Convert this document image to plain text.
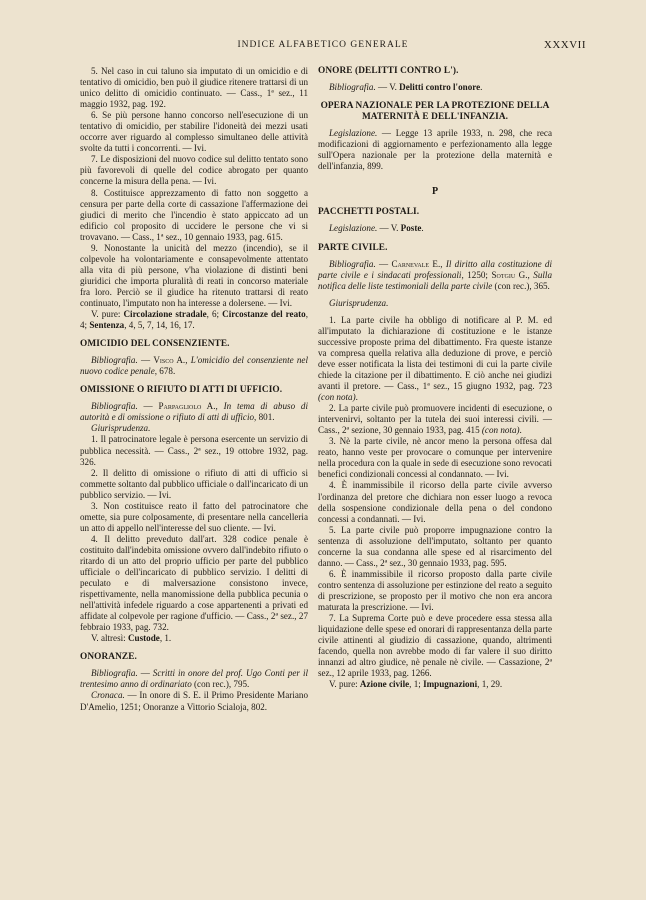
INDICE ALFABETICO GENERALE	XXXVII

5. Nel caso in cui taluno sia imputato di un omicidio e di tentativo di omicidio, ben può il giudice ritenere trattarsi di un unico delitto di omicidio continuato. — Cass., 1ª sez., 11 maggio 1932, pag. 192.

6. Se più persone hanno concorso nell'esecuzione di un tentativo di omicidio, per stabilire l'idoneità dei mezzi usati occorre aver riguardo al complesso simultaneo delle attività svolte da tutti i concorrenti. — Ivi.

7. Le disposizioni del nuovo codice sul delitto tentato sono più favorevoli di quelle del codice abrogato per quanto concerne la misura della pena. — Ivi.

8. Costituisce apprezzamento di fatto non soggetto a censura per parte della corte di cassazione l'affermazione dei giudici di merito che l'incendio è stato appiccato ad un edificio col proposito di uccidere le persone che vi si trovavano. — Cass., 1ª sez., 10 gennaio 1933, pag. 615.

9. Nonostante la unicità del mezzo (incendio), se il colpevole ha volontariamente e consapevolmente attentato alla vita di più persone, v'ha violazione di distinti beni giuridici che importa pluralità di reati in concorso materiale fra loro. Perciò se il giudice ha ritenuto trattarsi di reato continuato, l'imputato non ha interesse a dolersene. — Ivi.

V. pure: Circolazione stradale, 6; Circostanze del reato, 4; Sentenza, 4, 5, 7, 14, 16, 17.

OMICIDIO DEL CONSENZIENTE.

Bibliografia. — Visco A., L'omicidio del consenziente nel nuovo codice penale, 678.

OMISSIONE O RIFIUTO DI ATTI DI UFFICIO.

Bibliografia. — Parpagliolo A., In tema di abuso di autorità e di omissione o rifiuto di atti di ufficio, 801.

Giurisprudenza.

1. Il patrocinatore legale è persona esercente un servizio di pubblica necessità. — Cass., 2ª sez., 19 ottobre 1932, pag. 326.

2. Il delitto di omissione o rifiuto di atti di ufficio si commette soltanto dal pubblico ufficiale o dall'incaricato di un pubblico servizio. — Ivi.

3. Non costituisce reato il fatto del patrocinatore che omette, sia pure colposamente, di presentare nella cancelleria un atto di appello nell'interesse del suo cliente. — Ivi.

4. Il delitto preveduto dall'art. 328 codice penale è costituito dall'indebita omissione ovvero dall'indebito rifiuto o ritardo di un atto del proprio ufficio per parte del pubblico ufficiale o dell'incaricato di pubblico servizio. I delitti di peculato e di malversazione consistono invece, rispettivamente, nella manomissione della pubblica pecunia o nell'attività infedele riguardo a cose appartenenti a privati ed affidate al colpevole per ragione d'ufficio. — Cass., 2ª sez., 27 febbraio 1933, pag. 732.

V. altresì: Custode, 1.

ONORANZE.

Bibliografia. — Scritti in onore del prof. Ugo Conti per il trentesimo anno di ordinariato (con rec.), 795.

Cronaca. — In onore di S. E. il Primo Presidente Mariano D'Amelio, 1251; Onoranze a Vittorio Scialoja, 802.

ONORE (DELITTI CONTRO L').

Bibliografia. — V. Delitti contro l'onore.

OPERA NAZIONALE PER LA PROTEZIONE DELLA MATERNITÀ E DELL'INFANZIA.

Legislazione. — Legge 13 aprile 1933, n. 298, che reca modificazioni di aggiornamento e perfezionamento alla legge sull'Opera nazionale per la protezione della maternità e dell'infanzia, 899.

P
PACCHETTI POSTALI.

Legislazione. — V. Poste.

PARTE CIVILE.

Bibliografia. — Carnevale E., Il diritto alla costituzione di parte civile e i sindacati professionali, 1250; Sotgiu G., Sulla notifica delle liste testimoniali della parte civile (con rec.), 365.

Giurisprudenza.

1. La parte civile ha obbligo di notificare al P. M. ed all'imputato la dichiarazione di costituzione e le istanze successive proposte prima del dibattimento. Fra queste istanze va compresa quella relativa alla deduzione di prove, e perciò deve esser notificata la lista dei testimoni di cui la parte civile chiede la citazione per il dibattimento. E ciò anche nei giudizi avanti il pretore. — Cass., 1ª sez., 15 giugno 1932, pag. 723 (con nota).

2. La parte civile può promuovere incidenti di esecuzione, o intervenirvi, soltanto per la tutela dei suoi interessi civili. — Cass., 2ª sezione, 30 gennaio 1933, pag. 415 (con nota).

3. Nè la parte civile, nè ancor meno la persona offesa dal reato, hanno veste per provocare o comunque per intervenire nella procedura con la quale in sede di esecuzione sono revocati benefici condizionali concessi al condannato. — Ivi.

4. È inammissibile il ricorso della parte civile avverso l'ordinanza del pretore che dichiara non esser luogo a revoca della sospensione condizionale della pena o del condono concessi a condannati. — Ivi.

5. La parte civile può proporre impugnazione contro la sentenza di assoluzione dell'imputato, soltanto per quanto concerne la sua condanna alle spese ed al risarcimento del danno. — Cass., 2ª sez., 30 gennaio 1933, pag. 595.

6. È inammissibile il ricorso proposto dalla parte civile contro sentenza di assoluzione per estinzione del reato a seguito di prescrizione, se proposto per il motivo che non era ancora maturata la prescrizione. — Ivi.

7. La Suprema Corte può e deve procedere essa stessa alla liquidazione delle spese ed onorari di rappresentanza della parte civile attinenti al giudizio di cassazione, quando, altrimenti facendo, quella non avrebbe modo di far valere il suo diritto innanzi ad altro giudice, nè penale nè civile. — Cassazione, 2ª sez., 12 aprile 1933, pag. 1266.

V. pure: Azione civile, 1; Impugnazioni, 1, 29.
